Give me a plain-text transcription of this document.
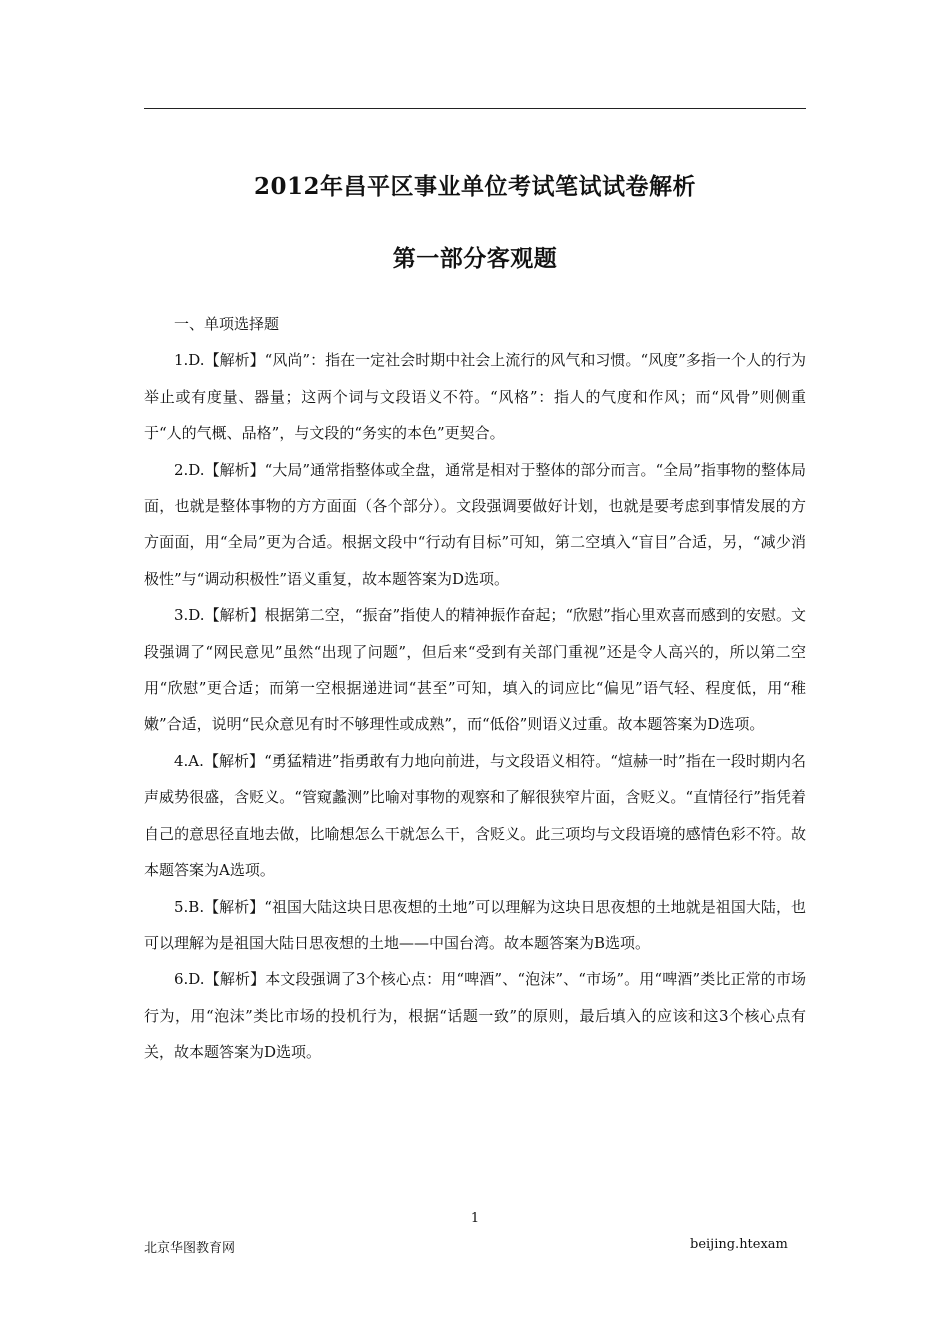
2012年昌平区事业单位考试笔试试卷解析
第一部分客观题

一、单项选择题

1.D.【解析】“风尚”：指在一定社会时期中社会上流行的风气和习惯。“风度”多指一个人的行为举止或有度量、器量；这两个词与文段语义不符。“风格”：指人的气度和作风；而“风骨”则侧重于“人的气概、品格”，与文段的“务实的本色”更契合。

2.D.【解析】“大局”通常指整体或全盘，通常是相对于整体的部分而言。“全局”指事物的整体局面，也就是整体事物的方方面面（各个部分）。文段强调要做好计划，也就是要考虑到事情发展的方方面面，用“全局”更为合适。根据文段中“行动有目标”可知，第二空填入“盲目”合适，另，“减少消极性”与“调动积极性”语义重复，故本题答案为D选项。

3.D.【解析】根据第二空，“振奋”指使人的精神振作奋起；“欣慰”指心里欢喜而感到的安慰。文段强调了“网民意见”虽然“出现了问题”，但后来“受到有关部门重视”还是令人高兴的，所以第二空用“欣慰”更合适；而第一空根据递进词“甚至”可知，填入的词应比“偏见”语气轻、程度低，用“稚嫩”合适，说明“民众意见有时不够理性或成熟”，而“低俗”则语义过重。故本题答案为D选项。

4.A.【解析】“勇猛精进”指勇敢有力地向前进，与文段语义相符。“煊赫一时”指在一段时期内名声威势很盛，含贬义。“管窥蠡测”比喻对事物的观察和了解很狭窄片面，含贬义。“直情径行”指凭着自己的意思径直地去做，比喻想怎么干就怎么干，含贬义。此三项均与文段语境的感情色彩不符。故本题答案为A选项。

5.B.【解析】“祖国大陆这块日思夜想的土地”可以理解为这块日思夜想的土地就是祖国大陆，也可以理解为是祖国大陆日思夜想的土地——中国台湾。故本题答案为B选项。

6.D.【解析】本文段强调了3个核心点：用“啤酒”、“泡沫”、“市场”。用“啤酒”类比正常的市场行为，用“泡沫”类比市场的投机行为，根据“话题一致”的原则，最后填入的应该和这3个核心点有关，故本题答案为D选项。

1
北京华图教育网	beijing.htexam
